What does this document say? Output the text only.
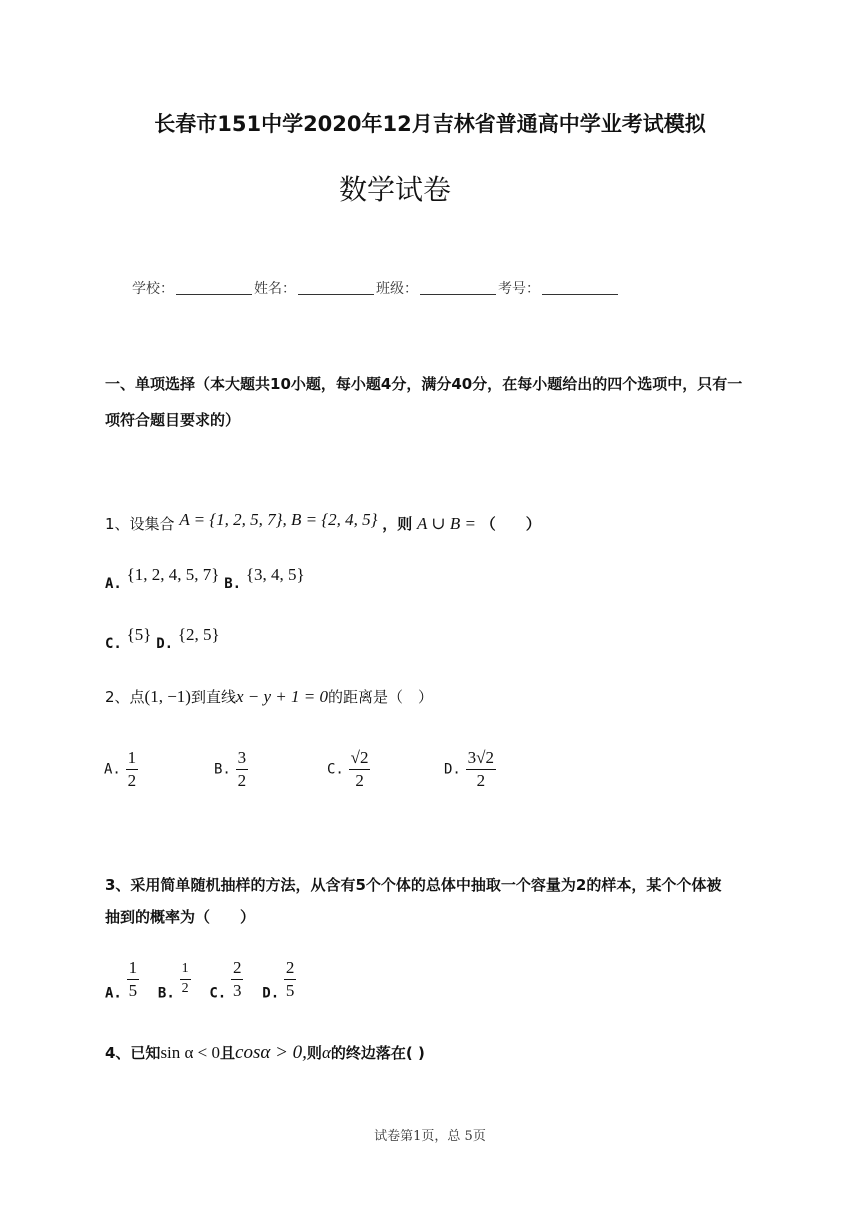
长春市151中学2020年12月吉林省普通高中学业考试模拟
数学试卷
学校：	姓名：	班级：	考号：
一、单项选择（本大题共10小题，每小题4分，满分40分，在每小题给出的四个选项中，只有一
项符合题目要求的）
1、设集合 A = {1, 2, 5, 7}, B = {2, 4, 5} ，则 A ∪ B = （　　）
A. {1, 2, 4, 5, 7} B. {3, 4, 5}
C. {5} D. {2, 5}
2、点(1, −1)到直线x − y + 1 = 0的距离是（　）
A. $\frac{1}{2}$	B. $\frac{3}{2}$	C. $\frac{√2}{2}$	D. $\frac{3√2}{2}$
3、采用简单随机抽样的方法，从含有5个个体的总体中抽取一个容量为2的样本，某个个体被
抽到的概率为（　　）
A. $\frac{1}{5} B$. $\frac{1}{2} C$. $\frac{2}{3} D$. $\frac{2}{5}$
4、已知sin α < 0且cosα > 0,则α的终边落在( )
试卷第1页，总 5页
